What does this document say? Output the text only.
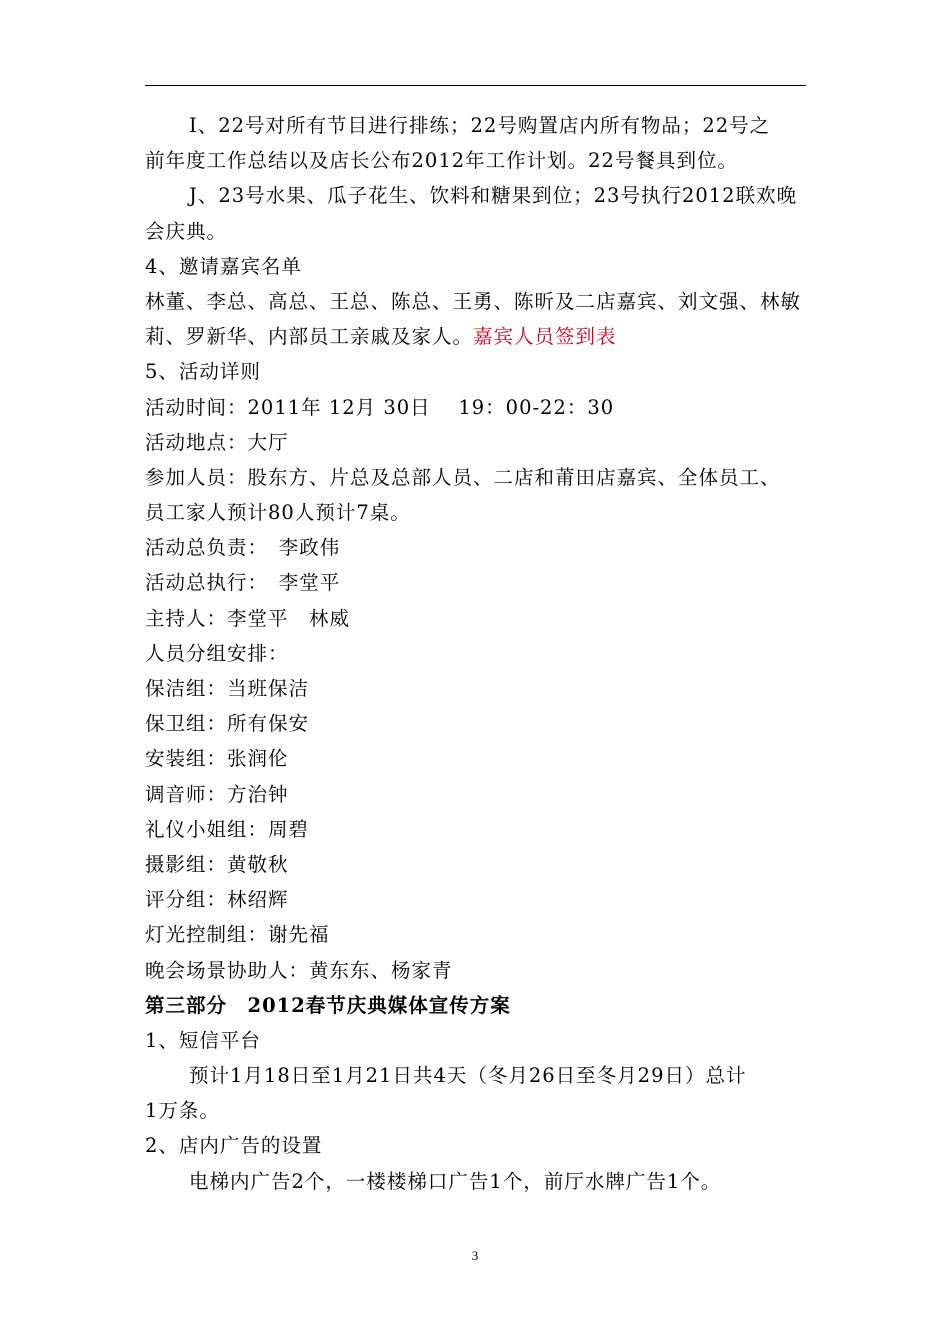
I、22号对所有节目进行排练；22号购置店内所有物品；22号之
前年度工作总结以及店长公布2012年工作计划。22号餐具到位。
J、23号水果、瓜子花生、饮料和糖果到位；23号执行2012联欢晚
会庆典。
4、邀请嘉宾名单
林董、李总、高总、王总、陈总、王勇、陈昕及二店嘉宾、刘文强、林敏
莉、罗新华、内部员工亲戚及家人。嘉宾人员签到表
5、活动详则
活动时间：2011年 12月 30日　 19：00-22：30
活动地点：大厅
参加人员：股东方、片总及总部人员、二店和莆田店嘉宾、全体员工、
员工家人预计80人预计7桌。
活动总负责：　李政伟
活动总执行：　李堂平
主持人：李堂平　林威
人员分组安排：
保洁组：当班保洁
保卫组：所有保安
安装组：张润伦
调音师：方治钟
礼仪小姐组：周碧
摄影组：黄敬秋
评分组：林绍辉
灯光控制组：谢先福
晚会场景协助人：黄东东、杨家青
第三部分　2012春节庆典媒体宣传方案
1、短信平台
预计1月18日至1月21日共4天（冬月26日至冬月29日）总计
1万条。
2、店内广告的设置
电梯内广告2个，一楼楼梯口广告1个，前厅水牌广告1个。
3
